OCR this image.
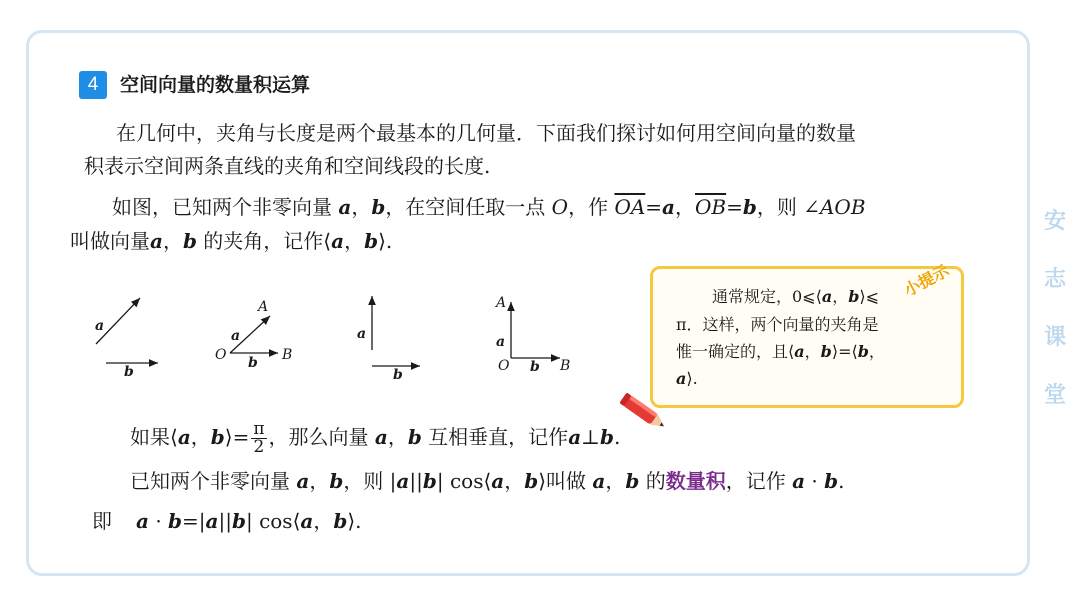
4	空间向量的数量积运算
在几何中，夹角与长度是两个最基本的几何量．下面我们探讨如何用空间向量的数量
积表示空间两条直线的夹角和空间线段的长度.
如图，已知两个非零向量 a，b，在空间任取一点 O，作 $\overline{OA}=a$，$\overline{OB}=b$，则 ∠AOB
叫做向量a，b 的夹角，记作⟨a，b⟩.
a
b
A
a
O b B
a
b
A
a
O b B
小提示
通常规定，0⩽⟨a，b⟩⩽
π．这样，两个向量的夹角是
惟一确定的，且⟨a，b⟩=⟨b，
a⟩.
如果⟨a，b⟩= $\frac{\pi}{2}$ ，那么向量 a，b 互相垂直，记作a⊥b.
已知两个非零向量 a，b，则 |a||b| cos⟨a，b⟩叫做 a，b 的数量积，记作 a · b.
即 a · b=|a||b| cos⟨a，b⟩.
安
志
课
堂
